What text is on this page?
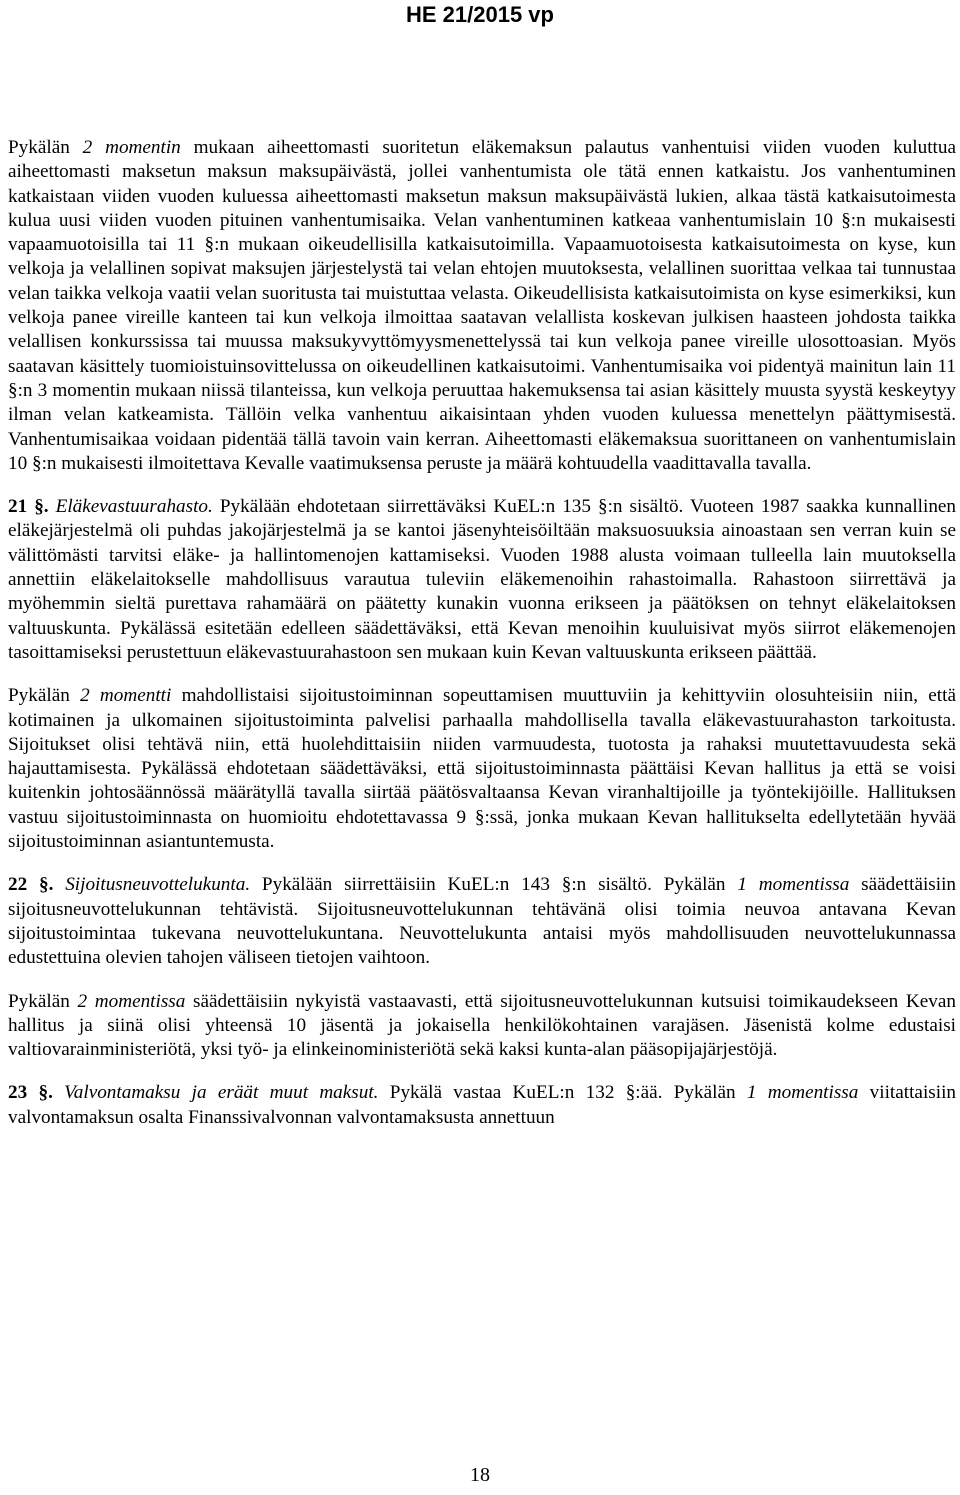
HE 21/2015 vp

Pykälän 2 momentin mukaan aiheettomasti suoritetun eläkemaksun palautus vanhentuisi viiden vuoden kuluttua aiheettomasti maksetun maksun maksupäivästä, jollei vanhentumista ole tätä ennen katkaistu. Jos vanhentuminen katkaistaan viiden vuoden kuluessa aiheettomasti maksetun maksun maksupäivästä lukien, alkaa tästä katkaisutoimesta kulua uusi viiden vuoden pituinen vanhentumisaika. Velan vanhentuminen katkeaa vanhentumislain 10 §:n mukaisesti vapaamuotoisilla tai 11 §:n mukaan oikeudellisilla katkaisutoimilla. Vapaamuotoisesta katkaisutoimesta on kyse, kun velkoja ja velallinen sopivat maksujen järjestelystä tai velan ehtojen muutoksesta, velallinen suorittaa velkaa tai tunnustaa velan taikka velkoja vaatii velan suoritusta tai muistuttaa velasta. Oikeudellisista katkaisutoimista on kyse esimerkiksi, kun velkoja panee vireille kanteen tai kun velkoja ilmoittaa saatavan velallista koskevan julkisen haasteen johdosta taikka velallisen konkurssissa tai muussa maksukyvyttömyysmenettelyssä tai kun velkoja panee vireille ulosottoasian. Myös saatavan käsittely tuomioistuinsovittelussa on oikeudellinen katkaisutoimi. Vanhentumisaika voi pidentyä mainitun lain 11 §:n 3 momentin mukaan niissä tilanteissa, kun velkoja peruuttaa hakemuksensa tai asian käsittely muusta syystä keskeytyy ilman velan katkeamista. Tällöin velka vanhentuu aikaisintaan yhden vuoden kuluessa menettelyn päättymisestä. Vanhentumisaikaa voidaan pidentää tällä tavoin vain kerran. Aiheettomasti eläkemaksua suorittaneen on vanhentumislain 10 §:n mukaisesti ilmoitettava Kevalle vaatimuksensa peruste ja määrä kohtuudella vaadittavalla tavalla.

21 §. Eläkevastuurahasto. Pykälään ehdotetaan siirrettäväksi KuEL:n 135 §:n sisältö. Vuoteen 1987 saakka kunnallinen eläkejärjestelmä oli puhdas jakojärjestelmä ja se kantoi jäsenyhteisöiltään maksuosuuksia ainoastaan sen verran kuin se välittömästi tarvitsi eläke- ja hallintomenojen kattamiseksi. Vuoden 1988 alusta voimaan tulleella lain muutoksella annettiin eläkelaitokselle mahdollisuus varautua tuleviin eläkemenoihin rahastoimalla. Rahastoon siirrettävä ja myöhemmin sieltä purettava rahamäärä on päätetty kunakin vuonna erikseen ja päätöksen on tehnyt eläkelaitoksen valtuuskunta. Pykälässä esitetään edelleen säädettäväksi, että Kevan menoihin kuuluisivat myös siirrot eläkemenojen tasoittamiseksi perustettuun eläkevastuurahastoon sen mukaan kuin Kevan valtuuskunta erikseen päättää.

Pykälän 2 momentti mahdollistaisi sijoitustoiminnan sopeuttamisen muuttuviin ja kehittyviin olosuhteisiin niin, että kotimainen ja ulkomainen sijoitustoiminta palvelisi parhaalla mahdollisella tavalla eläkevastuurahaston tarkoitusta. Sijoitukset olisi tehtävä niin, että huolehdittaisiin niiden varmuudesta, tuotosta ja rahaksi muutettavuudesta sekä hajauttamisesta. Pykälässä ehdotetaan säädettäväksi, että sijoitustoiminnasta päättäisi Kevan hallitus ja että se voisi kuitenkin johtosäännössä määrätyllä tavalla siirtää päätösvaltaansa Kevan viranhaltijoille ja työntekijöille. Hallituksen vastuu sijoitustoiminnasta on huomioitu ehdotettavassa 9 §:ssä, jonka mukaan Kevan hallitukselta edellytetään hyvää sijoitustoiminnan asiantuntemusta.

22 §. Sijoitusneuvottelukunta. Pykälään siirrettäisiin KuEL:n 143 §:n sisältö. Pykälän 1 momentissa säädettäisiin sijoitusneuvottelukunnan tehtävistä. Sijoitusneuvottelukunnan tehtävänä olisi toimia neuvoa antavana Kevan sijoitustoimintaa tukevana neuvottelukuntana. Neuvottelukunta antaisi myös mahdollisuuden neuvottelukunnassa edustettuina olevien tahojen väliseen tietojen vaihtoon.

Pykälän 2 momentissa säädettäisiin nykyistä vastaavasti, että sijoitusneuvottelukunnan kutsuisi toimikaudekseen Kevan hallitus ja siinä olisi yhteensä 10 jäsentä ja jokaisella henkilökohtainen varajäsen. Jäsenistä kolme edustaisi valtiovarainministeriötä, yksi työ- ja elinkeinoministeriötä sekä kaksi kunta-alan pääsopijajärjestöjä.

23 §. Valvontamaksu ja eräät muut maksut. Pykälä vastaa KuEL:n 132 §:ää. Pykälän 1 momentissa viitattaisiin valvontamaksun osalta Finanssivalvonnan valvontamaksusta annettuun

18
